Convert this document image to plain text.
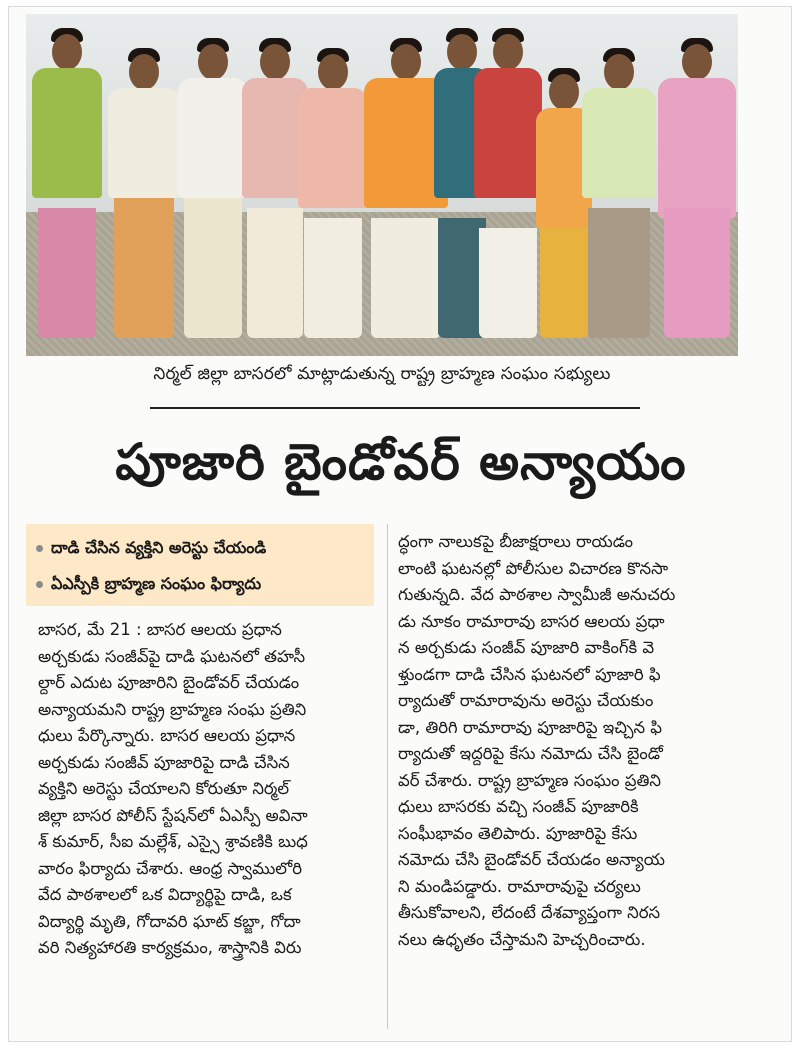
నిర్మల్ జిల్లా బాసరలో మాట్లాడుతున్న రాష్ట్ర బ్రాహ్మణ సంఘం సభ్యులు
పూజారి బైండోవర్ అన్యాయం
దాడి చేసిన వ్యక్తిని అరెస్టు చేయండి
ఏఎస్పీకి బ్రాహ్మణ సంఘం ఫిర్యాదు
బాసర, మే 21 : బాసర ఆలయ ప్రధాన
అర్చకుడు సంజీవ్‌పై దాడి ఘటనలో తహసీ
ల్దార్ ఎదుట పూజారిని బైండోవర్ చేయడం
అన్యాయమని రాష్ట్ర బ్రాహ్మణ సంఘ ప్రతిని
ధులు పేర్కొన్నారు. బాసర ఆలయ ప్రధాన
అర్చకుడు సంజీవ్ పూజారిపై దాడి చేసిన
వ్యక్తిని అరెస్టు చేయాలని కోరుతూ నిర్మల్
జిల్లా బాసర పోలీస్ స్టేషన్‌లో ఏఎస్పీ అవినా
శ్ కుమార్, సీఐ మల్లేశ్, ఎస్సై శ్రావణికి బుధ
వారం ఫిర్యాదు చేశారు. ఆంధ్ర స్వాములోరి
వేద పాఠశాలలో ఒక విద్యార్థిపై దాడి, ఒక
విద్యార్థి మృతి, గోదావరి ఘాట్ కబ్జా, గోదా
వరి నిత్యహారతి కార్యక్రమం, శాస్త్రానికి విరు
ద్ధంగా నాలుకపై బీజాక్షరాలు రాయడం
లాంటి ఘటనల్లో పోలీసుల విచారణ కొనసా
గుతున్నది. వేద పాఠశాల స్వామీజీ అనుచరు
డు నూకం రామారావు బాసర ఆలయ ప్రధా
న అర్చకుడు సంజీవ్ పూజారి వాకింగ్‌కి వె
ళ్తుండగా దాడి చేసిన ఘటనలో పూజారి ఫి
ర్యాదుతో రామారావును అరెస్టు చేయకుం
డా, తిరిగి రామారావు పూజారిపై ఇచ్చిన ఫి
ర్యాదుతో ఇద్దరిపై కేసు నమోదు చేసి బైండో
వర్ చేశారు. రాష్ట్ర బ్రాహ్మణ సంఘం ప్రతిని
ధులు బాసరకు వచ్చి సంజీవ్ పూజారికి
సంఘీభావం తెలిపారు. పూజారిపై కేసు
నమోదు చేసి బైండోవర్ చేయడం అన్యాయ
ని మండిపడ్డారు. రామారావుపై చర్యలు
తీసుకోవాలని, లేదంటే దేశవ్యాప్తంగా నిరస
నలు ఉధృతం చేస్తామని హెచ్చరించారు.
